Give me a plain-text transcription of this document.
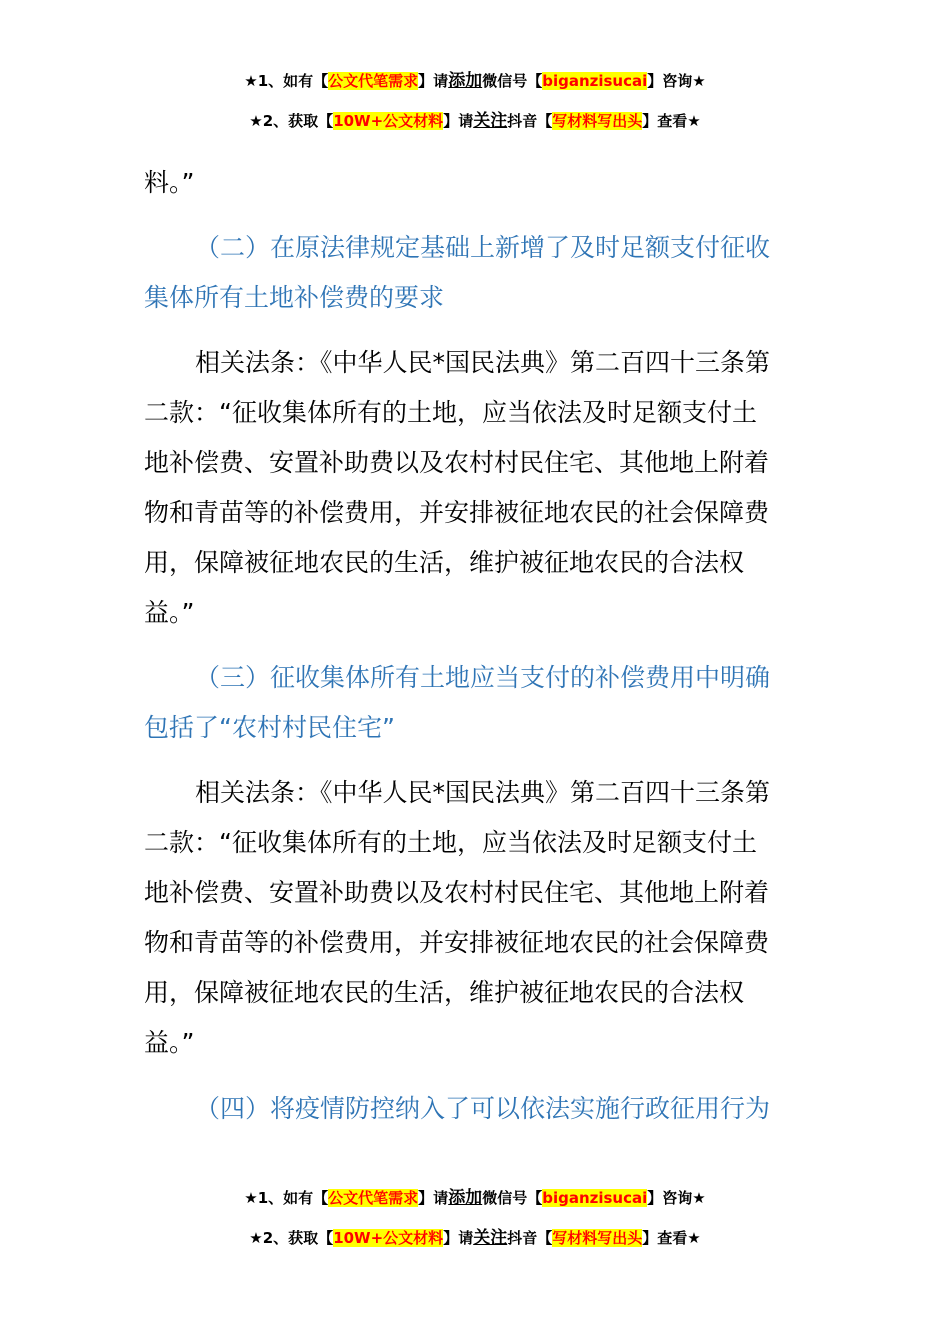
★1、如有【公文代笔需求】请添加微信号【biganzisucai】咨询★
★2、获取【10W+公文材料】请关注抖音【写材料写出头】查看★
料。”
（二）在原法律规定基础上新增了及时足额支付征收
集体所有土地补偿费的要求
相关法条：《中华人民*国民法典》第二百四十三条第
二款：“征收集体所有的土地，应当依法及时足额支付土
地补偿费、安置补助费以及农村村民住宅、其他地上附着
物和青苗等的补偿费用，并安排被征地农民的社会保障费
用，保障被征地农民的生活，维护被征地农民的合法权
益。”
（三）征收集体所有土地应当支付的补偿费用中明确
包括了“农村村民住宅”
相关法条：《中华人民*国民法典》第二百四十三条第
二款：“征收集体所有的土地，应当依法及时足额支付土
地补偿费、安置补助费以及农村村民住宅、其他地上附着
物和青苗等的补偿费用，并安排被征地农民的社会保障费
用，保障被征地农民的生活，维护被征地农民的合法权
益。”
（四）将疫情防控纳入了可以依法实施行政征用行为
★1、如有【公文代笔需求】请添加微信号【biganzisucai】咨询★
★2、获取【10W+公文材料】请关注抖音【写材料写出头】查看★
